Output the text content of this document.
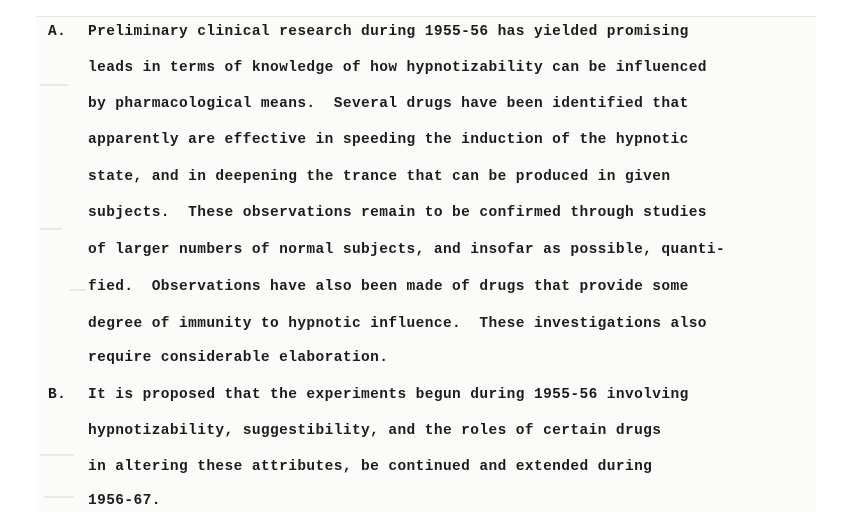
A. Preliminary clinical research during 1955-56 has yielded promising
leads in terms of knowledge of how hypnotizability can be influenced
by pharmacological means.  Several drugs have been identified that
apparently are effective in speeding the induction of the hypnotic
state, and in deepening the trance that can be produced in given
subjects.  These observations remain to be confirmed through studies
of larger numbers of normal subjects, and insofar as possible, quanti-
fied.  Observations have also been made of drugs that provide some
degree of immunity to hypnotic influence.  These investigations also
require considerable elaboration.
B. It is proposed that the experiments begun during 1955-56 involving
hypnotizability, suggestibility, and the roles of certain drugs
in altering these attributes, be continued and extended during
1956-67.
